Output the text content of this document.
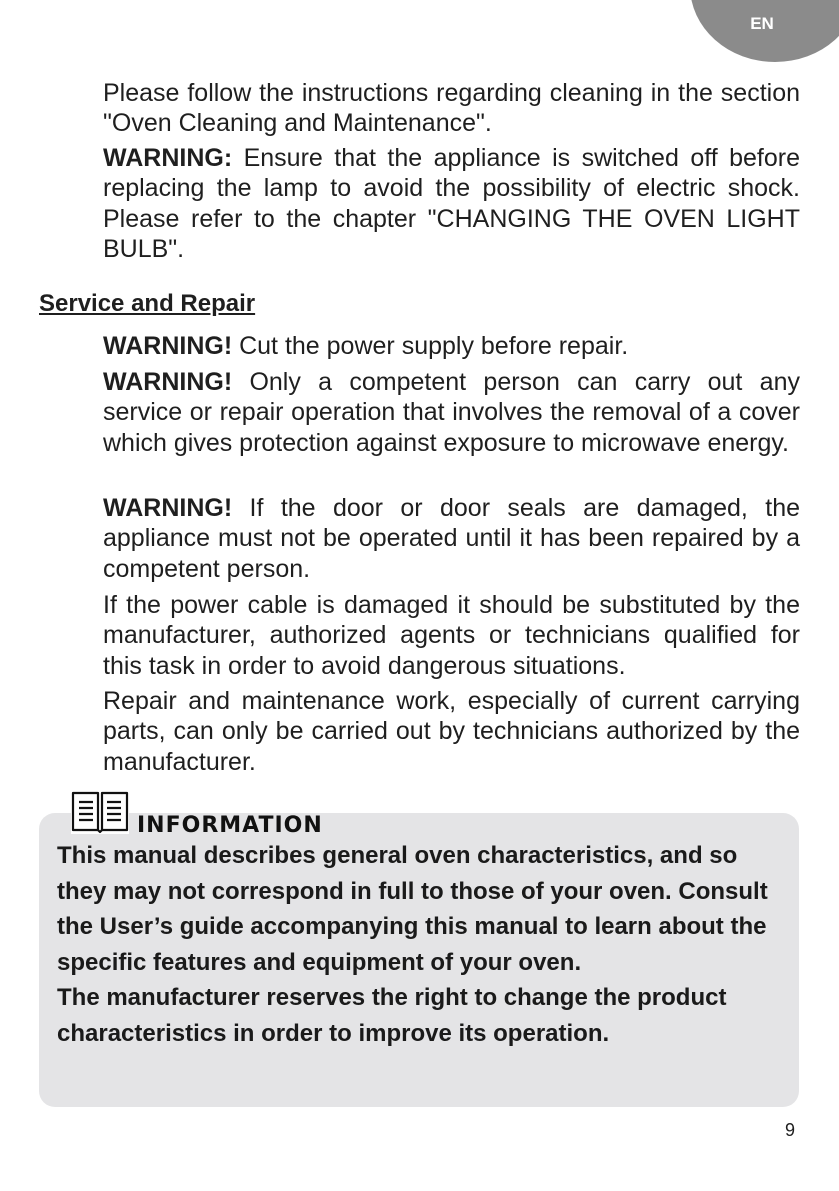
EN

Please follow the instructions regarding cleaning in the section "Oven Cleaning and Maintenance".

WARNING: Ensure that the appliance is switched off before replacing the lamp to avoid the possibility of electric shock. Please refer to the chapter "CHANGING THE OVEN LIGHT BULB".

Service and Repair

WARNING! Cut the power supply before repair.

WARNING! Only a competent person can carry out any service or repair operation that involves the removal of a cover which gives protection against exposure to microwave energy.

WARNING! If the door or door seals are damaged, the appliance must not be operated until it has been repaired by a competent person.

If the power cable is damaged it should be substituted by the manufacturer, authorized agents or technicians qualified for this task in order to avoid dangerous situations.

Repair and maintenance work, especially of current carrying parts, can only be carried out by technicians authorized by the manufacturer.

INFORMATION

This manual describes general oven characteristics, and so they may not correspond in full to those of your oven. Consult the User’s guide accompanying this manual to learn about the specific features and equipment of your oven.
The manufacturer reserves the right to change the product characteristics in order to improve its operation.

9
